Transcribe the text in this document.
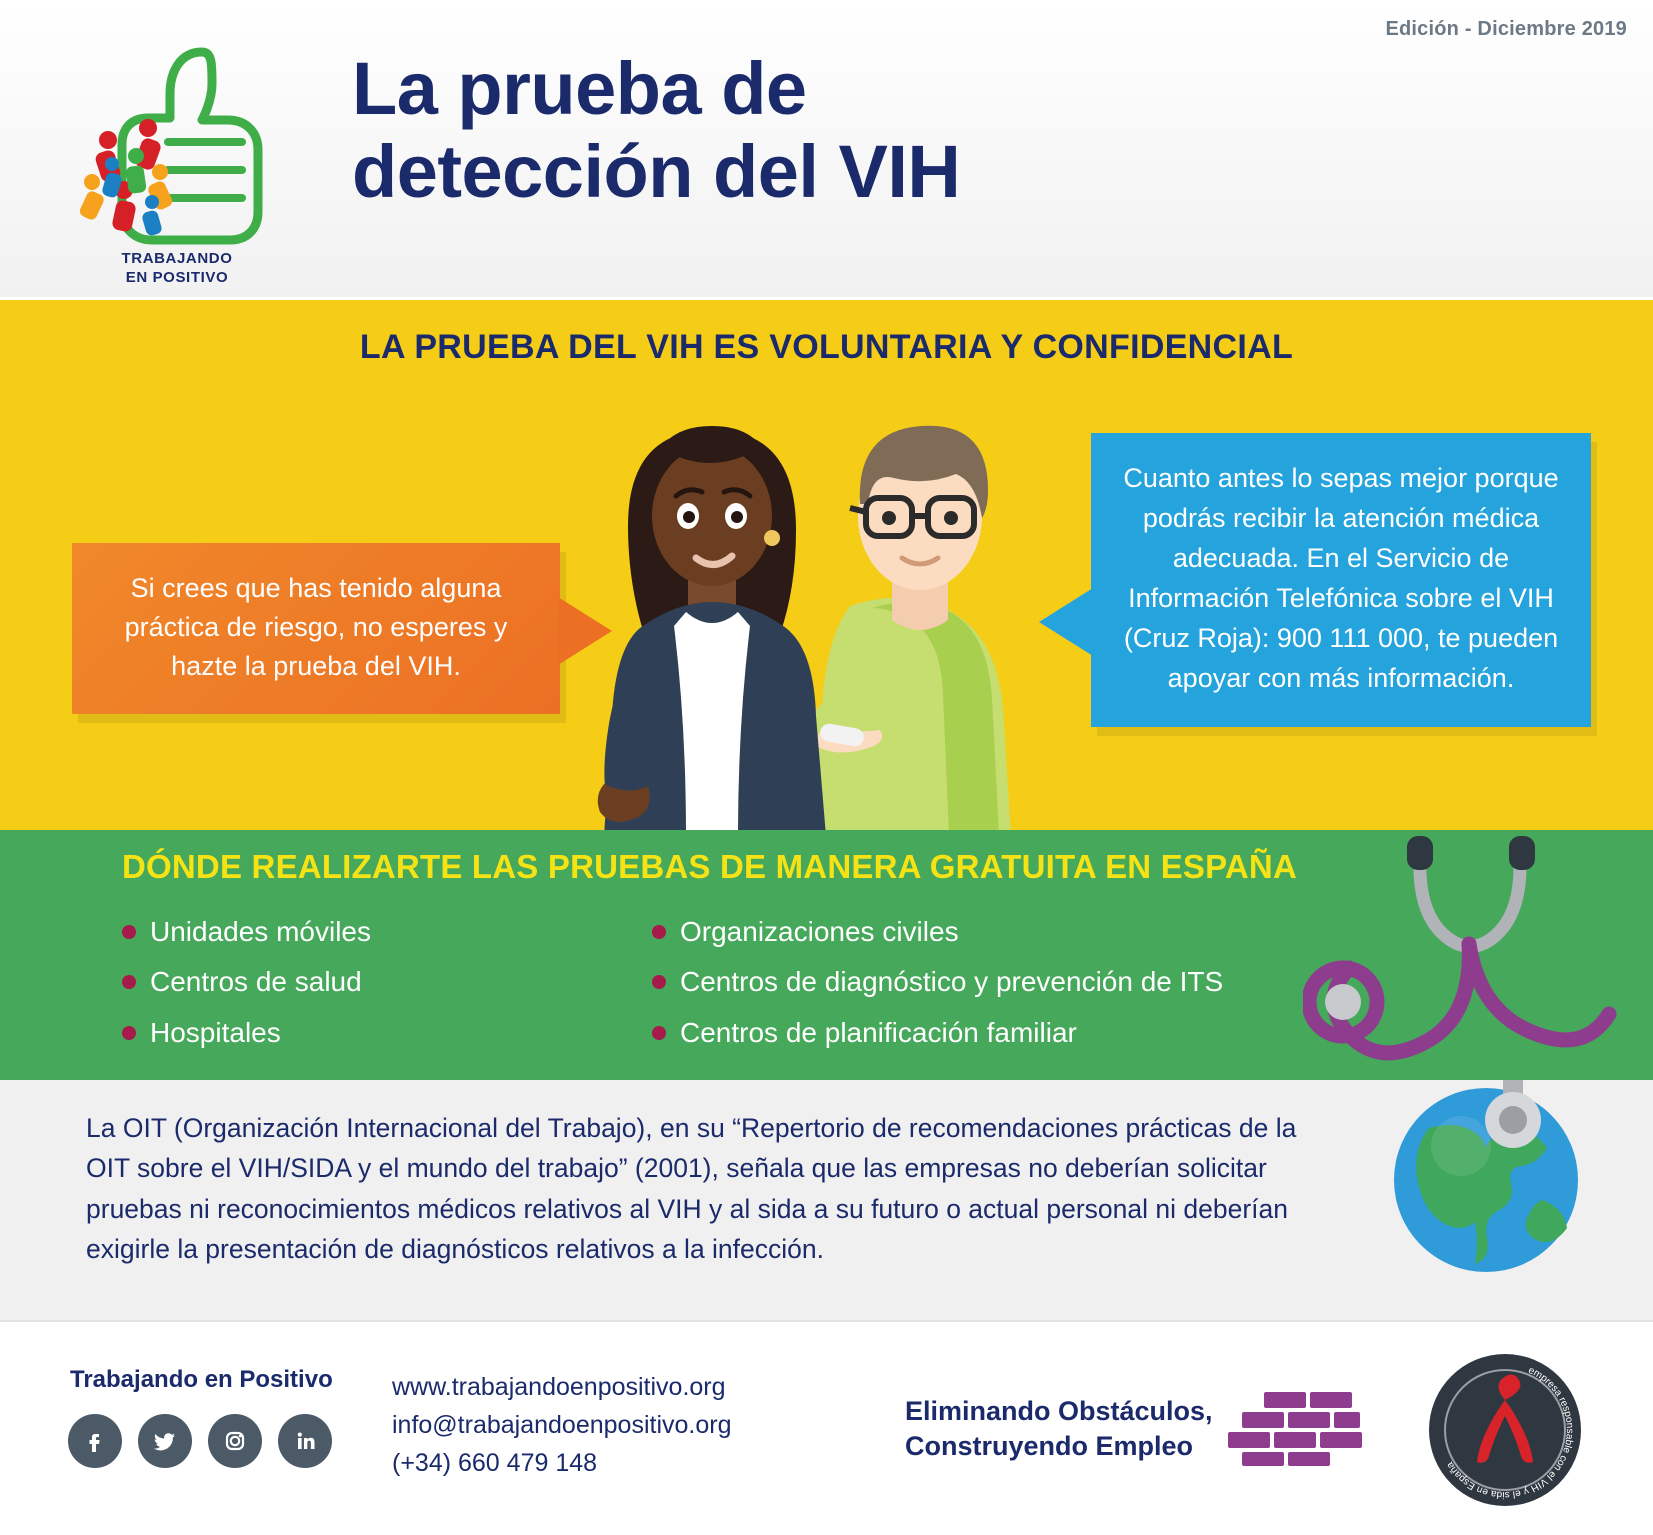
Edición - Diciembre 2019
TRABAJANDO
EN POSITIVO
La prueba de
detección del VIH
LA PRUEBA DEL VIH ES VOLUNTARIA Y CONFIDENCIAL
Si crees que has tenido alguna práctica de riesgo, no esperes y hazte la prueba del VIH.
Cuanto antes lo sepas mejor porque podrás recibir la atención médica adecuada. En el Servicio de Información Telefónica sobre el VIH (Cruz Roja): 900 111 000, te pueden apoyar con más información.
DÓNDE REALIZARTE LAS PRUEBAS DE MANERA GRATUITA EN ESPAÑA
Unidades móviles
Centros de salud
Hospitales
Organizaciones civiles
Centros de diagnóstico y prevención de ITS
Centros de planificación familiar
La OIT (Organización Internacional del Trabajo), en su “Repertorio de recomendaciones prácticas de la OIT sobre el VIH/SIDA y el mundo del trabajo” (2001), señala que las empresas no deberían solicitar pruebas ni reconocimientos médicos relativos al VIH y al sida a su futuro o actual personal ni deberían exigirle la presentación de diagnósticos relativos a la infección.
Trabajando en Positivo www.trabajandoenpositivo.org
info@trabajandoenpositivo.org
(+34) 660 479 148
Eliminando Obstáculos,
Construyendo Empleo
empresa responsable con el VIH y el sida en España
